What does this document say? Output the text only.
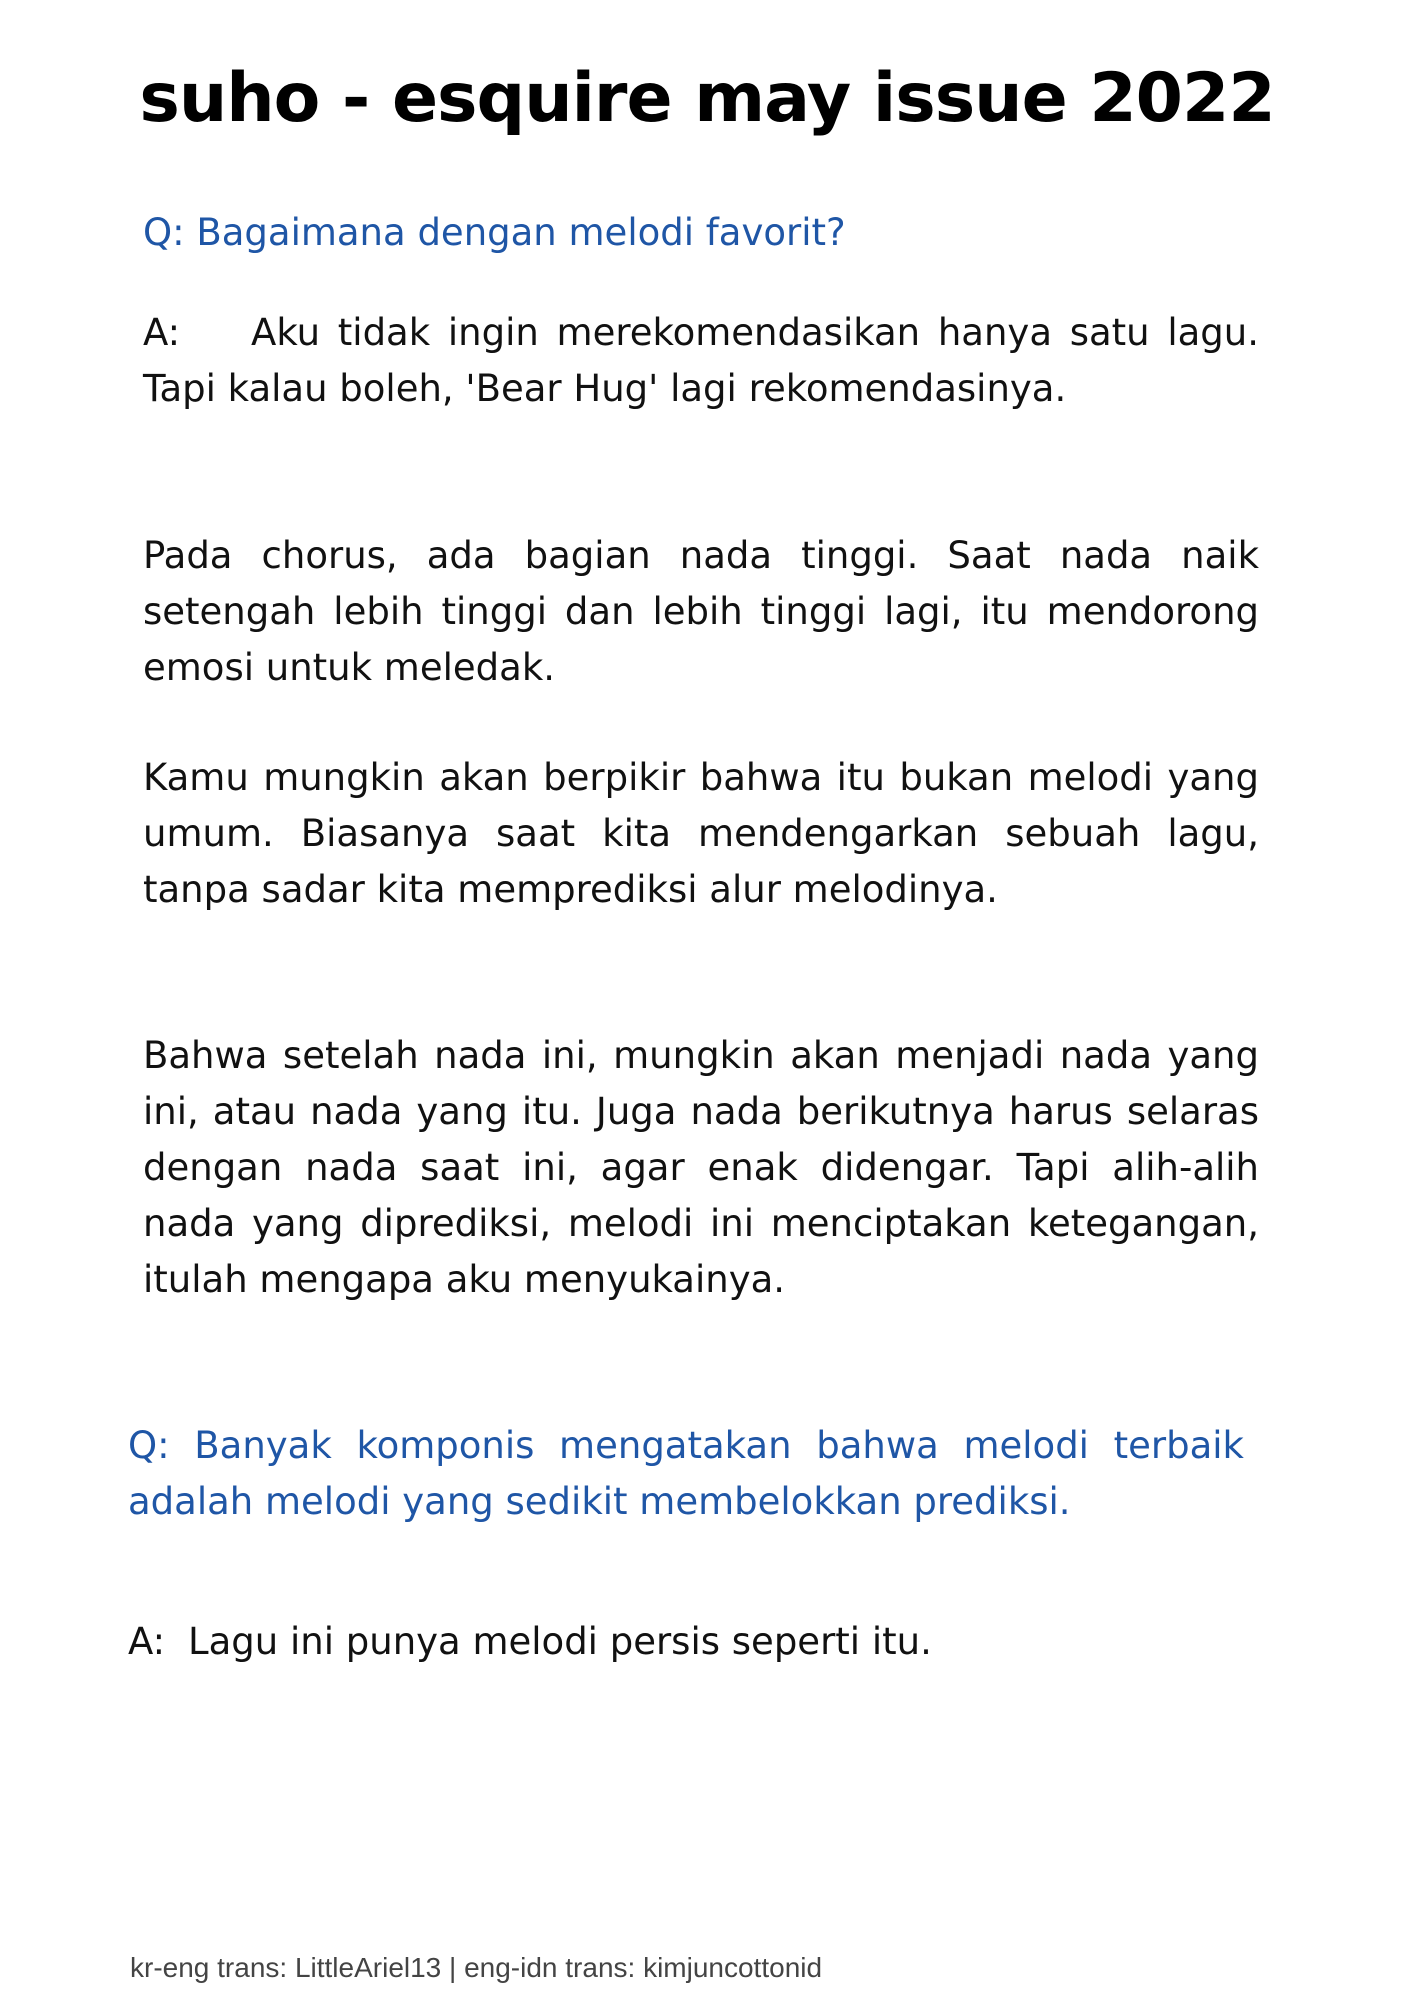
suho - esquire may issue 2022

Q: Bagaimana dengan melodi favorit?

A:    Aku tidak ingin merekomendasikan hanya satu lagu. Tapi kalau boleh, 'Bear Hug' lagi rekomendasinya.

Pada chorus, ada bagian nada tinggi. Saat nada naik setengah lebih tinggi dan lebih tinggi lagi, itu mendorong emosi untuk meledak.

Kamu mungkin akan berpikir bahwa itu bukan melodi yang umum. Biasanya saat kita mendengarkan sebuah lagu, tanpa sadar kita memprediksi alur melodinya.

Bahwa setelah nada ini, mungkin akan menjadi nada yang ini, atau nada yang itu. Juga nada berikutnya harus selaras dengan nada saat ini, agar enak didengar. Tapi alih-alih nada yang diprediksi, melodi ini menciptakan ketegangan, itulah mengapa aku menyukainya.

Q: Banyak komponis mengatakan bahwa melodi terbaik adalah melodi yang sedikit membelokkan prediksi.

A: Lagu ini punya melodi persis seperti itu.

kr-eng trans: LittleAriel13 | eng-idn trans: kimjuncottonid
